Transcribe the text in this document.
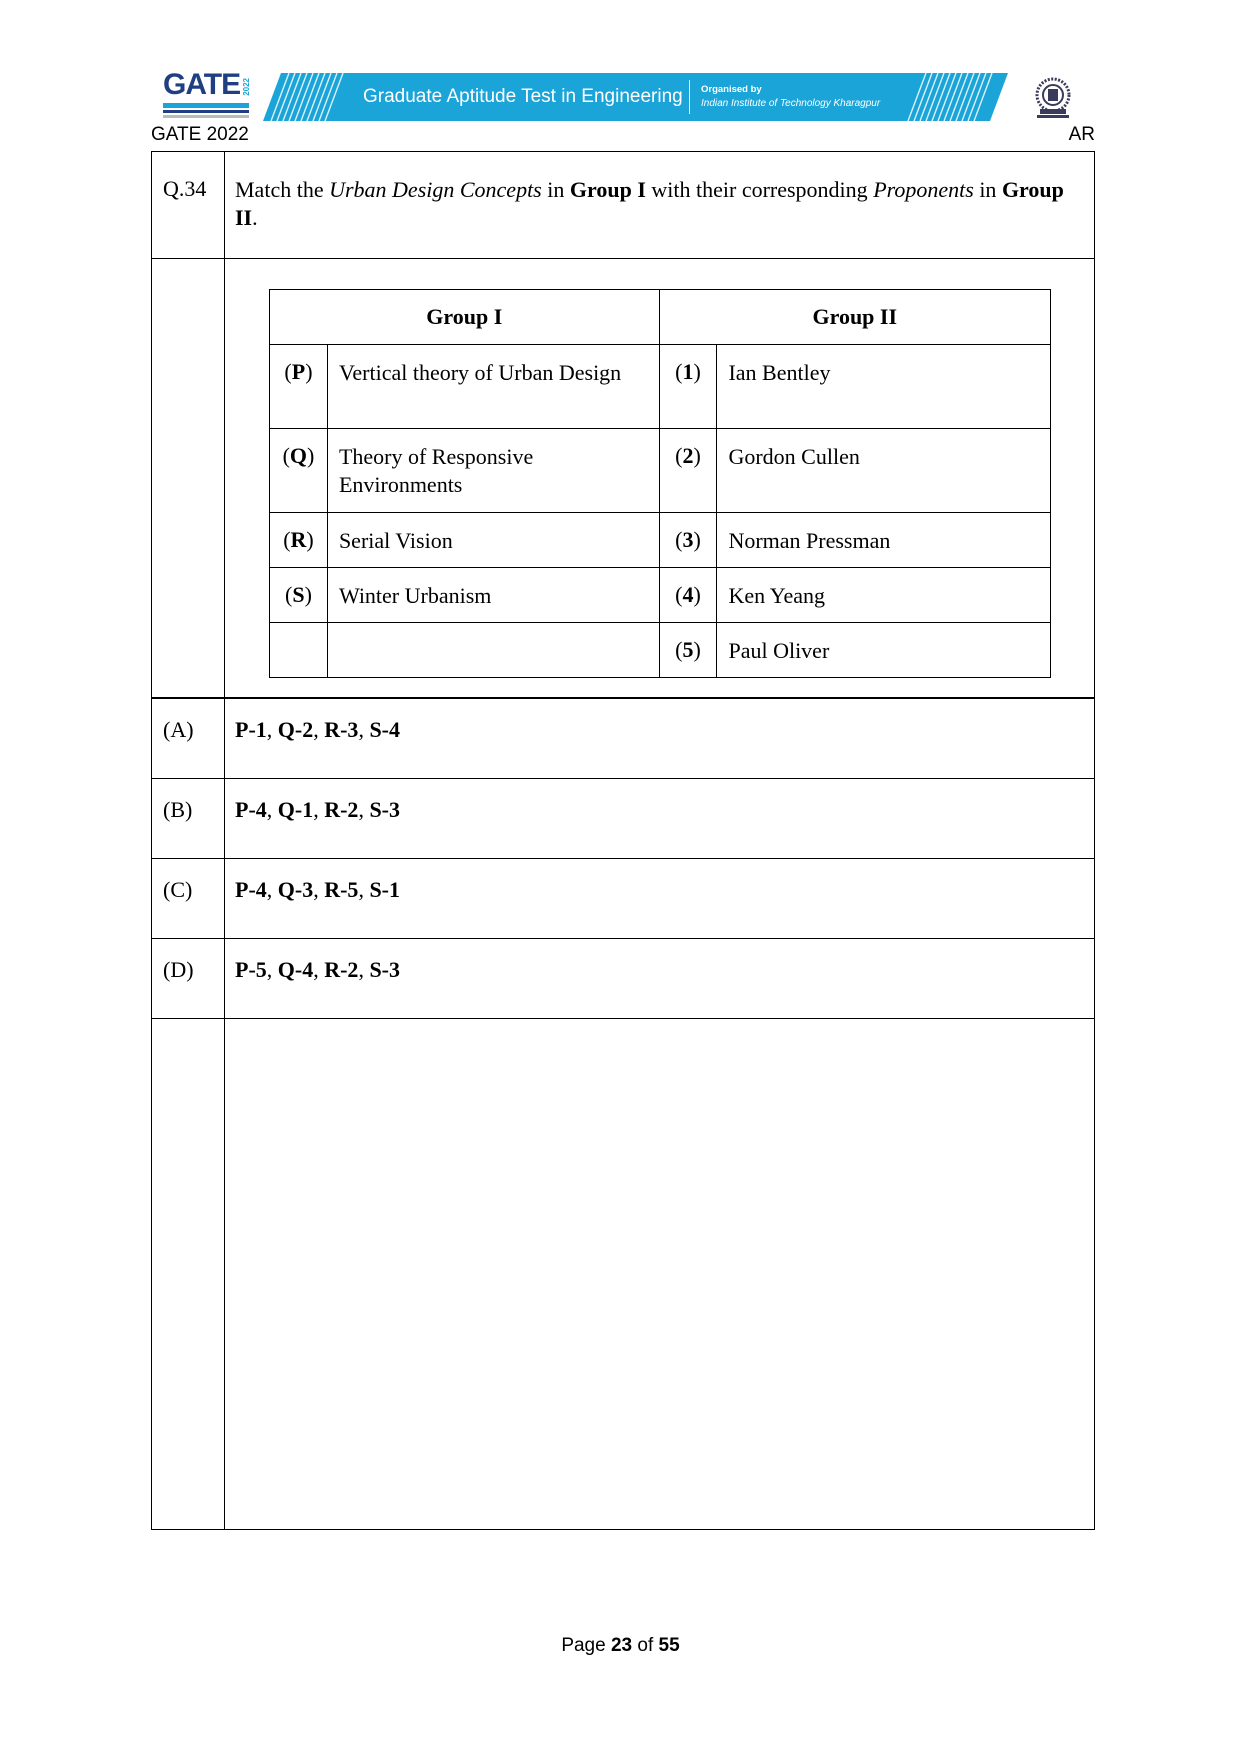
GATE 2022	Graduate Aptitude Test in Engineering Organised by
Indian Institute of Technology Kharagpur
GATE 2022	AR
Q.34 Match the Urban Design Concepts in Group I with their corresponding Proponents in Group II.
Group I		Group II	
(P)	Vertical theory of Urban Design	(1)	Ian Bentley
(Q)	Theory of Responsive Environments	(2)	Gordon Cullen
(R)	Serial Vision	(3)	Norman Pressman
(S)	Winter Urbanism	(4)	Ken Yeang
		(5)	Paul Oliver
(A) P-1, Q-2, R-3, S-4
(B) P-4, Q-1, R-2, S-3
(C) P-4, Q-3, R-5, S-1
(D) P-5, Q-4, R-2, S-3
Page 23 of 55
